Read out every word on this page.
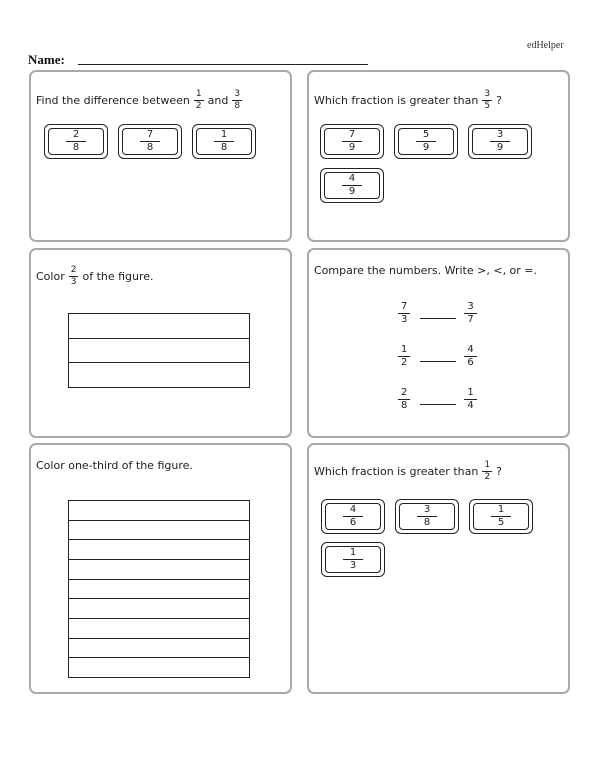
edHelper
Name:
Find the difference between $\frac{1}{2}$ and $\frac{3}{8}$
$\frac{2}{8}$	$\frac{7}{8}$	$\frac{1}{8}$
Which fraction is greater than $\frac{3}{5}$ ?
$\frac{7}{9}$	$\frac{5}{9}$	$\frac{3}{9}$
$\frac{4}{9}$
Color $\frac{2}{3}$ of the figure.	Compare the numbers. Write >, <, or =.
$\frac{7}{3}$	$\frac{3}{7}$
$\frac{1}{2}$	$\frac{4}{6}$
$\frac{2}{8}$	$\frac{1}{4}$
Color one-third of the figure.	Which fraction is greater than $\frac{1}{2}$ ?
$\frac{4}{6}$	$\frac{3}{8}$	$\frac{1}{5}$
$\frac{1}{3}$
